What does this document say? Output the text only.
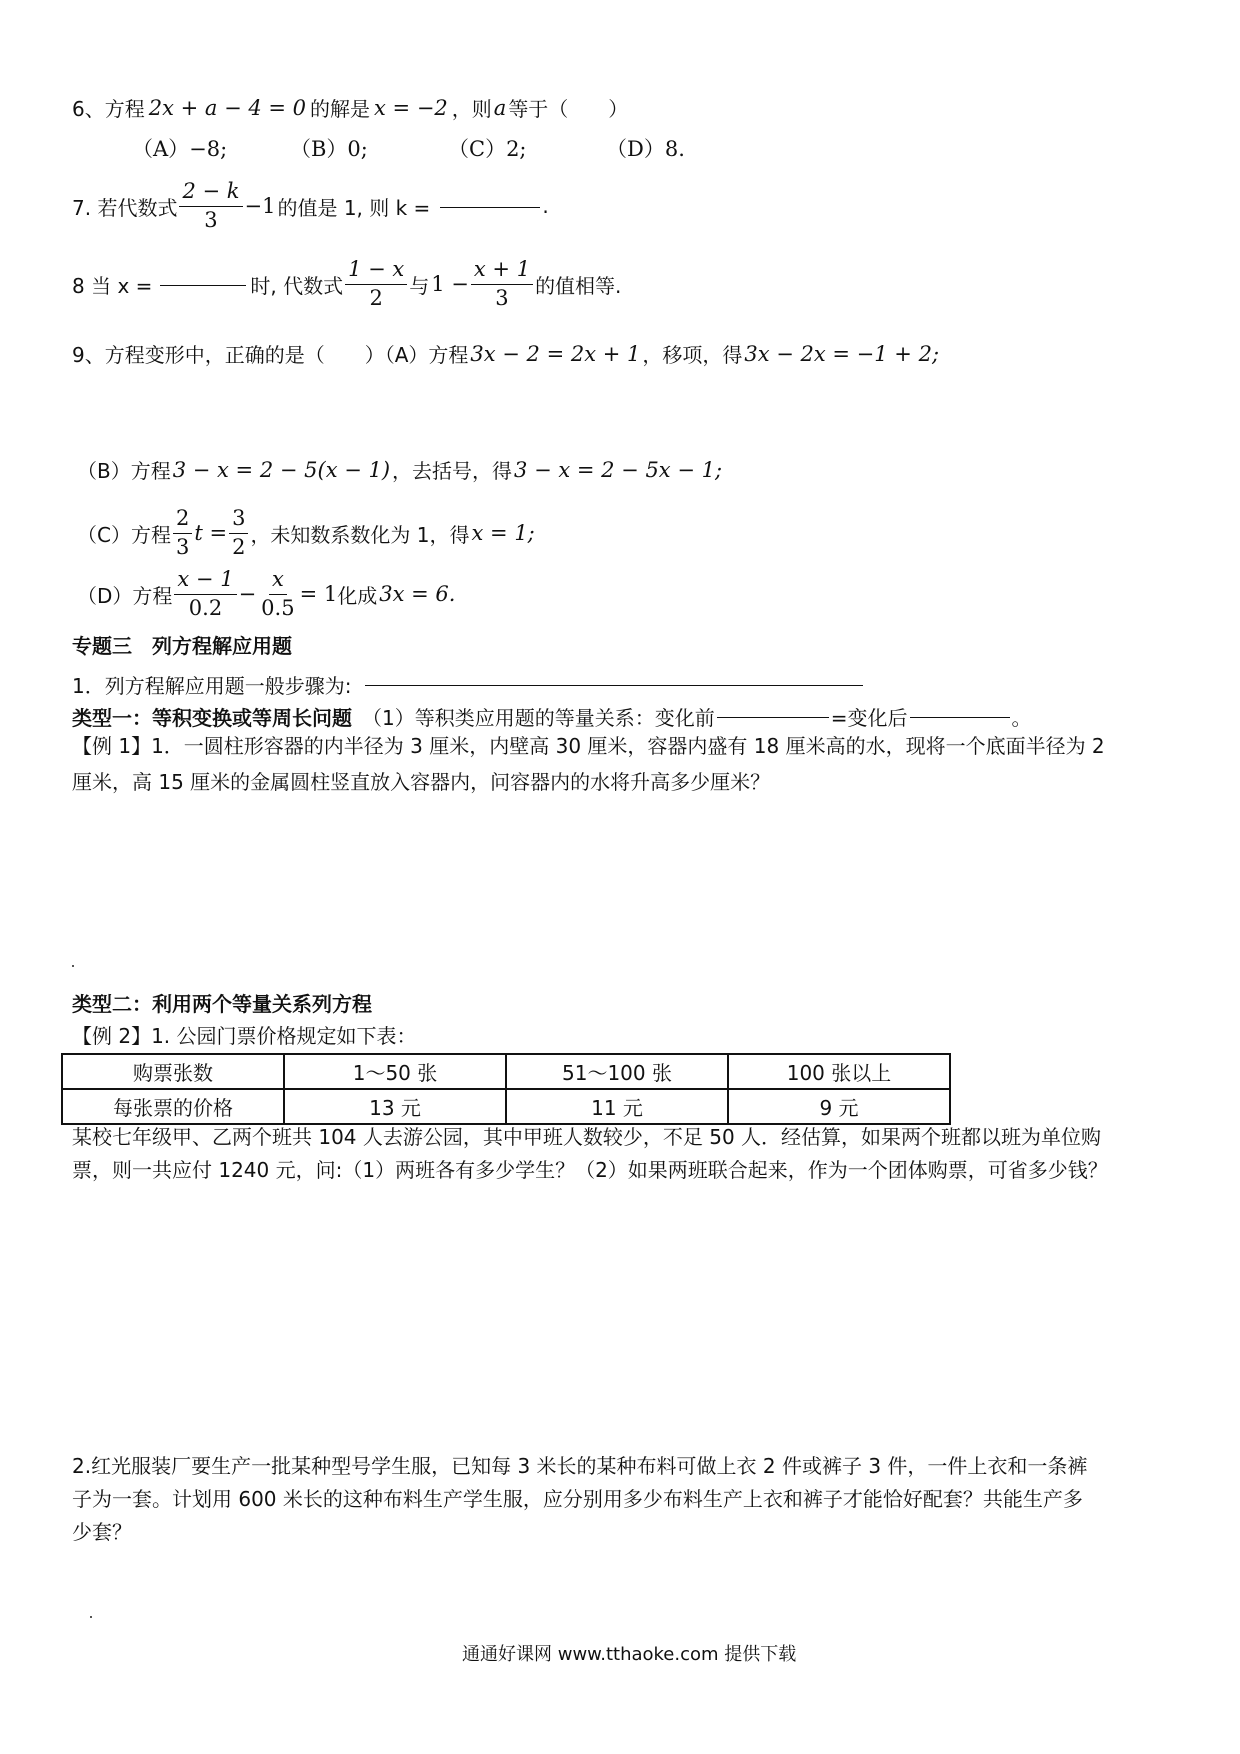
6、方程 2x + a − 4 = 0 的解是 x = −2 ，则 a 等于（　　）
（A）−8;	（B）0;	（C）2;	（D）8.
7. 若代数式 $\frac{2 - k}{3} -1$ 的值是 1, 则 k =	.
8 当 x =	时, 代数式 $\frac{1 - x}{2}$ 与 $1 - \frac{x + 1}{3}$ 的值相等.
9、方程变形中，正确的是（　　）（A）方程 3x − 2 = 2x + 1 ，移项，得 3x − 2x = −1 + 2;
（B）方程 3 − x = 2 − 5(x − 1) ，去括号，得 3 − x = 2 − 5x − 1;
（C）方程 $\frac{2}{3}$ $t = \frac{3}{2}$ ，未知数系数化为 1，得 x = 1;
（D）方程 $\frac{x - 1}{0.2} - \frac{x}{0.5} = 1$ 化成 3x = 6.
专题三　列方程解应用题
1．列方程解应用题一般步骤为:
类型一：等积变换或等周长问题 （1）等积类应用题的等量关系：变化前	=变化后	。
【例 1】1．一圆柱形容器的内半径为 3 厘米，内壁高 30 厘米，容器内盛有 18 厘米高的水，现将一个底面半径为 2
厘米，高 15 厘米的金属圆柱竖直放入容器内，问容器内的水将升高多少厘米？
类型二：利用两个等量关系列方程
【例 2】1. 公园门票价格规定如下表：
购票张数	1～50 张	51～100 张	100 张以上
每张票的价格	13 元	11 元	9 元
某校七年级甲、乙两个班共 104 人去游公园，其中甲班人数较少，不足 50 人．经估算，如果两个班都以班为单位购
票，则一共应付 1240 元，问:（1）两班各有多少学生？（2）如果两班联合起来，作为一个团体购票，可省多少钱？
2.红光服装厂要生产一批某种型号学生服，已知每 3 米长的某种布料可做上衣 2 件或裤子 3 件，一件上衣和一条裤
子为一套。计划用 600 米长的这种布料生产学生服，应分别用多少布料生产上衣和裤子才能恰好配套？共能生产多
少套？
通通好课网 www.tthaoke.com 提供下载
